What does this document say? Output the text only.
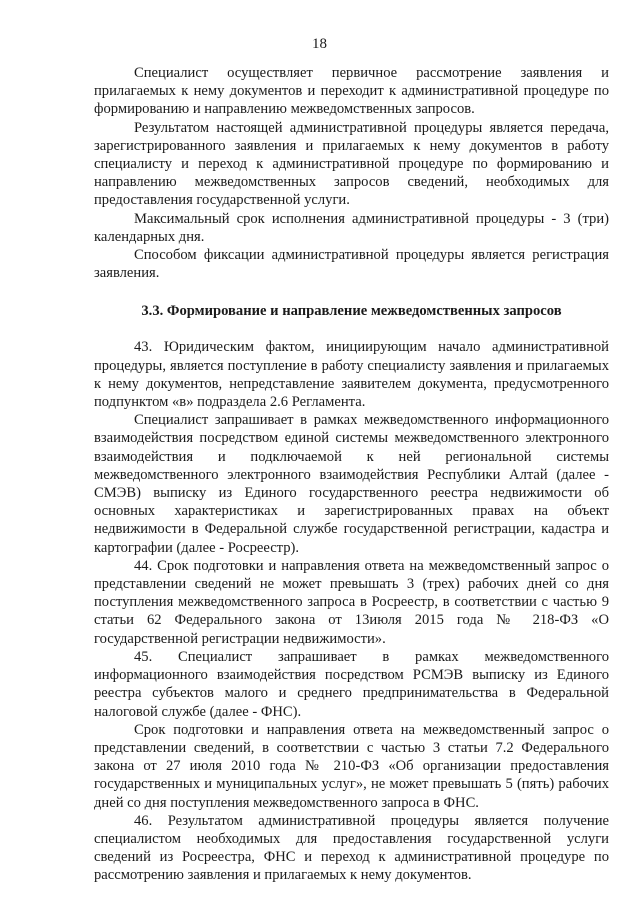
18

Специалист осуществляет первичное рассмотрение заявления и прилагаемых к нему документов и переходит к административной процедуре по формированию и направлению межведомственных запросов.

Результатом настоящей административной процедуры является передача, зарегистрированного заявления и прилагаемых к нему документов в работу специалисту и переход к административной процедуре по формированию и направлению межведомственных запросов сведений, необходимых для предоставления государственной услуги.

Максимальный срок исполнения административной процедуры - 3 (три) календарных дня.

Способом фиксации административной процедуры является регистрация заявления.

3.3. Формирование и направление межведомственных запросов

43. Юридическим фактом, инициирующим начало административной процедуры, является поступление в работу специалисту заявления и прилагаемых к нему документов, непредставление заявителем документа, предусмотренного подпунктом «в» подраздела 2.6 Регламента.

Специалист запрашивает в рамках межведомственного информационного взаимодействия посредством единой системы межведомственного электронного взаимодействия и подключаемой к ней региональной системы межведомственного электронного взаимодействия Республики Алтай (далее - СМЭВ) выписку из Единого государственного реестра недвижимости об основных характеристиках и зарегистрированных правах на объект недвижимости в Федеральной службе государственной регистрации, кадастра и картографии (далее - Росреестр).

44. Срок подготовки и направления ответа на межведомственный запрос о представлении сведений не может превышать 3 (трех) рабочих дней со дня поступления межведомственного запроса в Росреестр, в соответствии с частью 9 статьи 62 Федерального закона от 13июля 2015 года № 218-ФЗ «О государственной регистрации недвижимости».

45. Специалист запрашивает в рамках межведомственного информационного взаимодействия посредством РСМЭВ выписку из Единого реестра субъектов малого и среднего предпринимательства в Федеральной налоговой службе (далее - ФНС).

Срок подготовки и направления ответа на межведомственный запрос о представлении сведений, в соответствии с частью 3 статьи 7.2 Федерального закона от 27 июля 2010 года № 210-ФЗ «Об организации предоставления государственных и муниципальных услуг», не может превышать 5 (пять) рабочих дней со дня поступления межведомственного запроса в ФНС.

46. Результатом административной процедуры является получение специалистом необходимых для предоставления государственной услуги сведений из Росреестра, ФНС и переход к административной процедуре по рассмотрению заявления и прилагаемых к нему документов.
